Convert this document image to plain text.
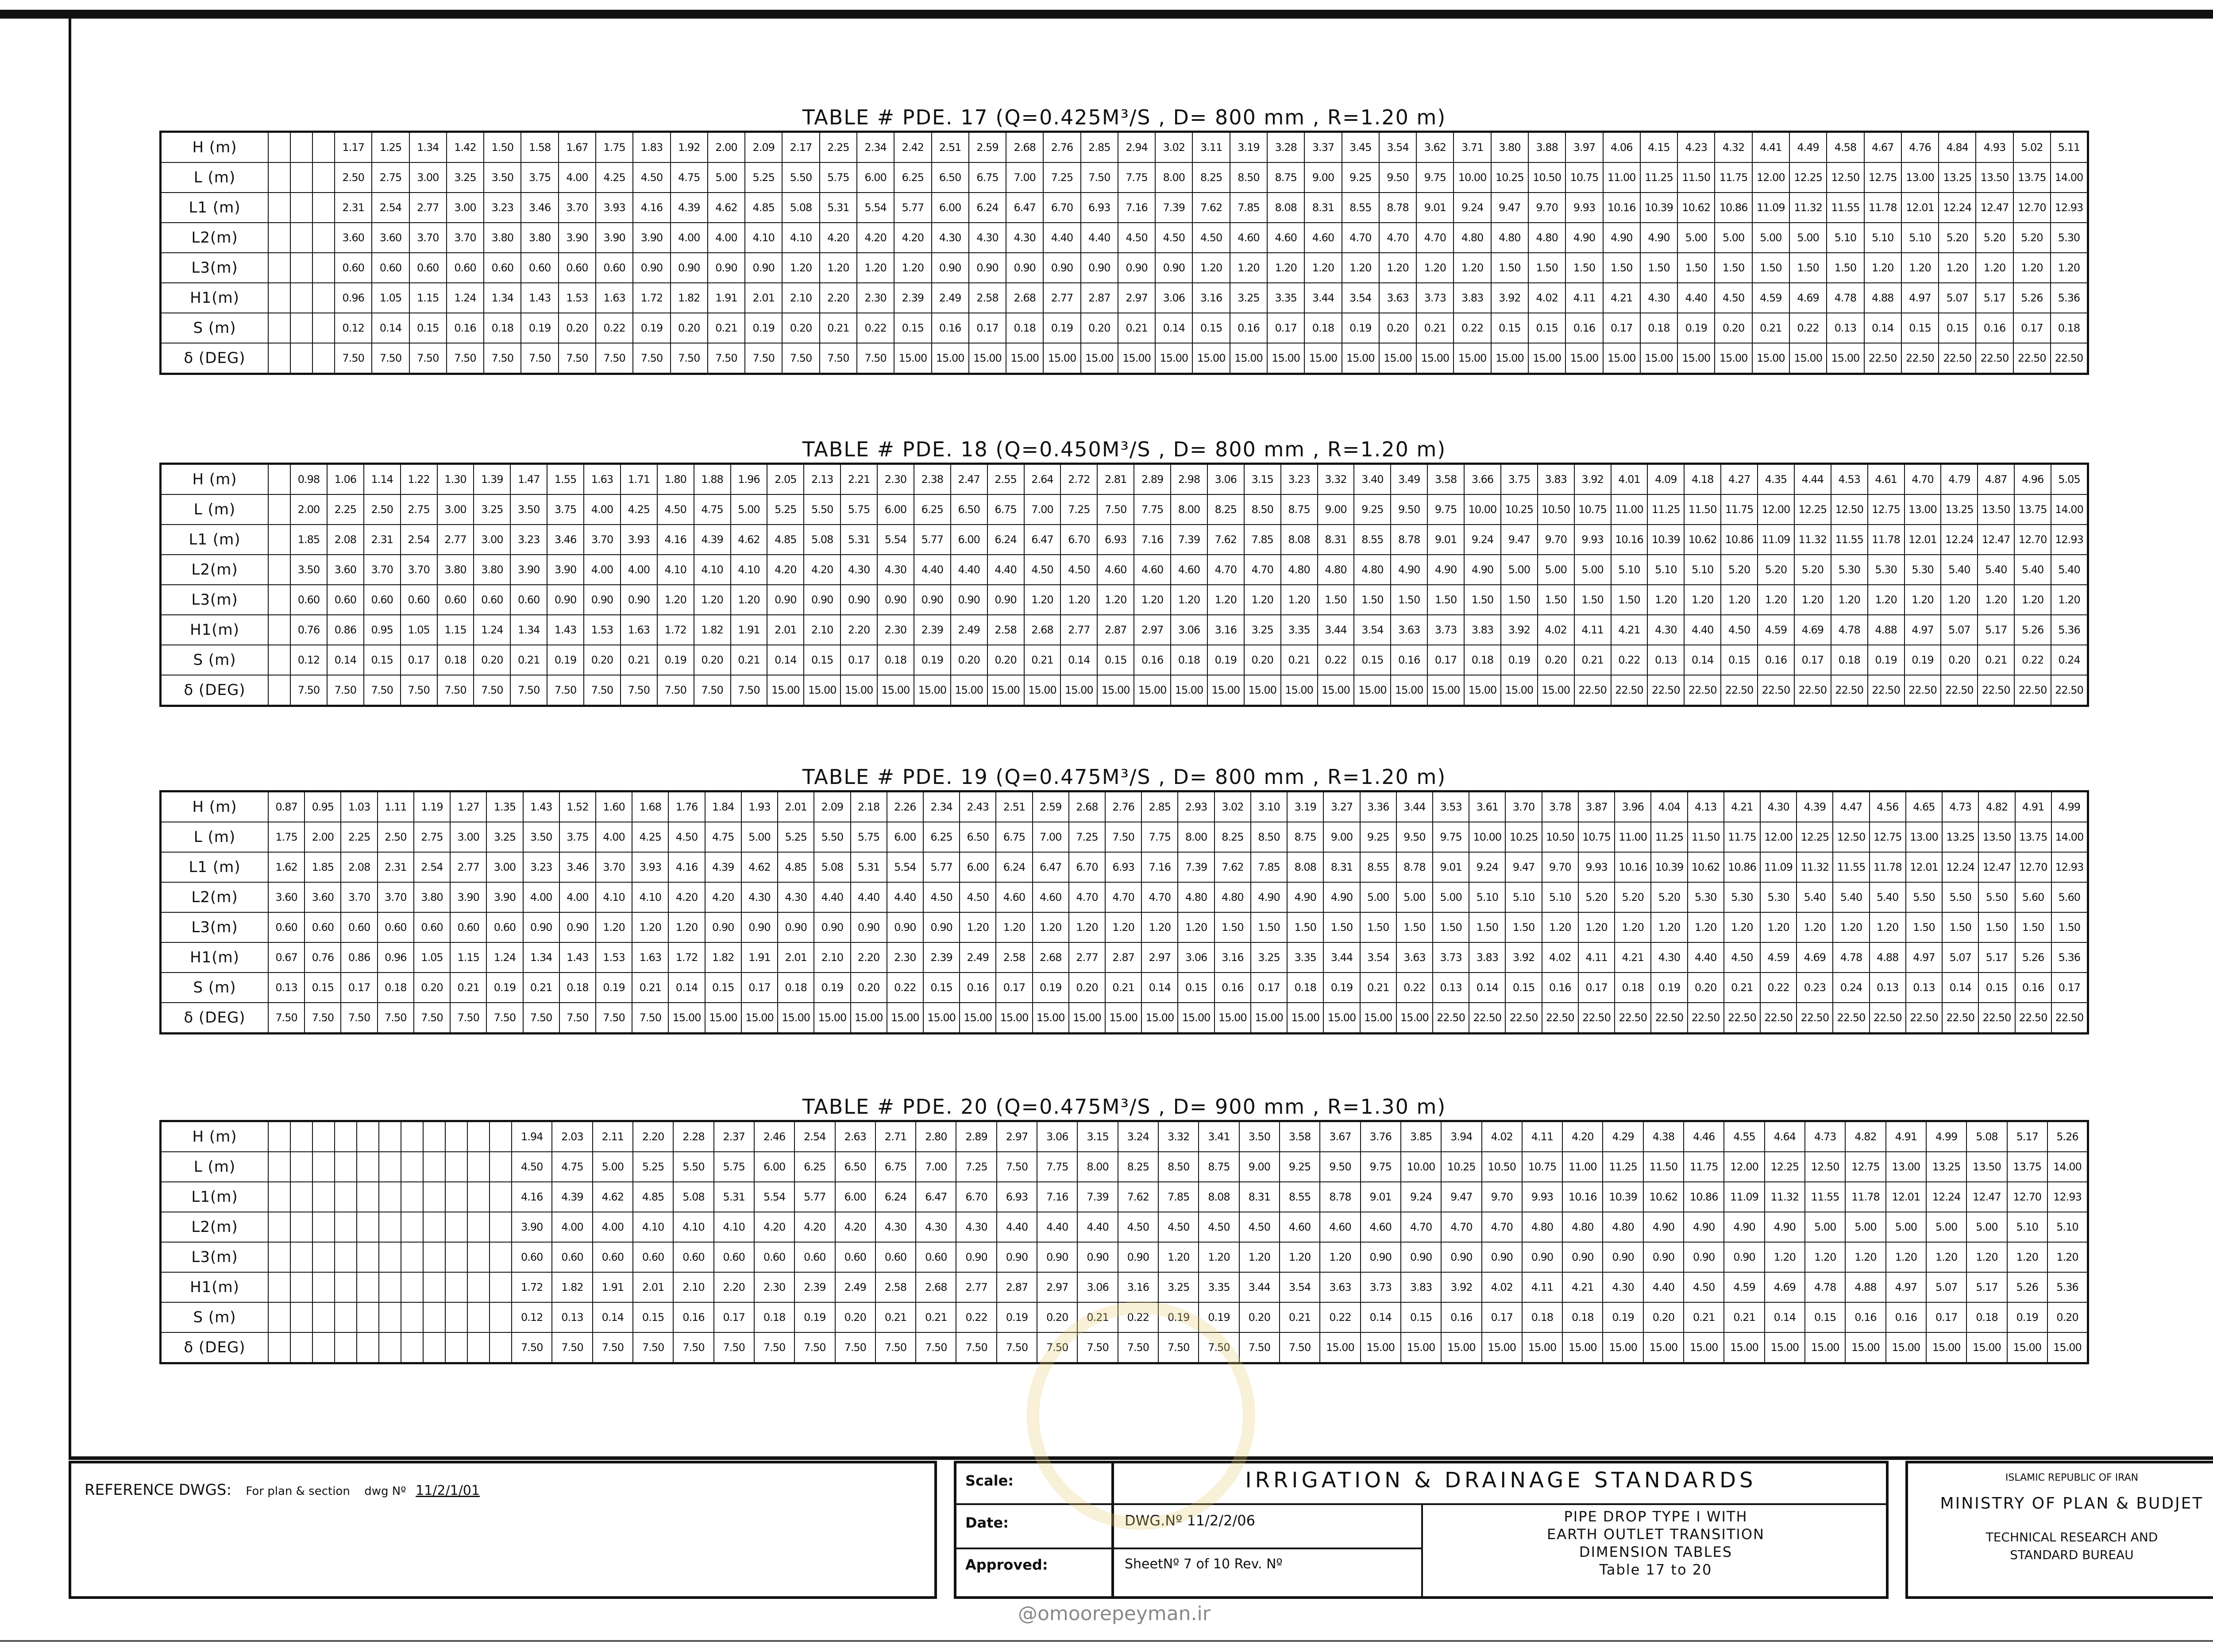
TABLE # PDE. 17 (Q=0.425M³/S , D= 800 mm , R=1.20 m)
H (m)				1.17	1.25	1.34	1.42	1.50	1.58	1.67	1.75	1.83	1.92	2.00	2.09	2.17	2.25	2.34	2.42	2.51	2.59	2.68	2.76	2.85	2.94	3.02	3.11	3.19	3.28	3.37	3.45	3.54	3.62	3.71	3.80	3.88	3.97	4.06	4.15	4.23	4.32	4.41	4.49	4.58	4.67	4.76	4.84	4.93	5.02	5.11
L (m)				2.50	2.75	3.00	3.25	3.50	3.75	4.00	4.25	4.50	4.75	5.00	5.25	5.50	5.75	6.00	6.25	6.50	6.75	7.00	7.25	7.50	7.75	8.00	8.25	8.50	8.75	9.00	9.25	9.50	9.75	10.00	10.25	10.50	10.75	11.00	11.25	11.50	11.75	12.00	12.25	12.50	12.75	13.00	13.25	13.50	13.75	14.00
L1 (m)				2.31	2.54	2.77	3.00	3.23	3.46	3.70	3.93	4.16	4.39	4.62	4.85	5.08	5.31	5.54	5.77	6.00	6.24	6.47	6.70	6.93	7.16	7.39	7.62	7.85	8.08	8.31	8.55	8.78	9.01	9.24	9.47	9.70	9.93	10.16	10.39	10.62	10.86	11.09	11.32	11.55	11.78	12.01	12.24	12.47	12.70	12.93
L2(m)				3.60	3.60	3.70	3.70	3.80	3.80	3.90	3.90	3.90	4.00	4.00	4.10	4.10	4.20	4.20	4.20	4.30	4.30	4.30	4.40	4.40	4.50	4.50	4.50	4.60	4.60	4.60	4.70	4.70	4.70	4.80	4.80	4.80	4.90	4.90	4.90	5.00	5.00	5.00	5.00	5.10	5.10	5.10	5.20	5.20	5.20	5.30
L3(m)				0.60	0.60	0.60	0.60	0.60	0.60	0.60	0.60	0.90	0.90	0.90	0.90	1.20	1.20	1.20	1.20	0.90	0.90	0.90	0.90	0.90	0.90	0.90	1.20	1.20	1.20	1.20	1.20	1.20	1.20	1.20	1.50	1.50	1.50	1.50	1.50	1.50	1.50	1.50	1.50	1.50	1.20	1.20	1.20	1.20	1.20	1.20
H1(m)				0.96	1.05	1.15	1.24	1.34	1.43	1.53	1.63	1.72	1.82	1.91	2.01	2.10	2.20	2.30	2.39	2.49	2.58	2.68	2.77	2.87	2.97	3.06	3.16	3.25	3.35	3.44	3.54	3.63	3.73	3.83	3.92	4.02	4.11	4.21	4.30	4.40	4.50	4.59	4.69	4.78	4.88	4.97	5.07	5.17	5.26	5.36
S (m)				0.12	0.14	0.15	0.16	0.18	0.19	0.20	0.22	0.19	0.20	0.21	0.19	0.20	0.21	0.22	0.15	0.16	0.17	0.18	0.19	0.20	0.21	0.14	0.15	0.16	0.17	0.18	0.19	0.20	0.21	0.22	0.15	0.15	0.16	0.17	0.18	0.19	0.20	0.21	0.22	0.13	0.14	0.15	0.15	0.16	0.17	0.18
δ (DEG)				7.50	7.50	7.50	7.50	7.50	7.50	7.50	7.50	7.50	7.50	7.50	7.50	7.50	7.50	7.50	15.00	15.00	15.00	15.00	15.00	15.00	15.00	15.00	15.00	15.00	15.00	15.00	15.00	15.00	15.00	15.00	15.00	15.00	15.00	15.00	15.00	15.00	15.00	15.00	15.00	15.00	22.50	22.50	22.50	22.50	22.50	22.50
TABLE # PDE. 18 (Q=0.450M³/S , D= 800 mm , R=1.20 m)
H (m)		0.98	1.06	1.14	1.22	1.30	1.39	1.47	1.55	1.63	1.71	1.80	1.88	1.96	2.05	2.13	2.21	2.30	2.38	2.47	2.55	2.64	2.72	2.81	2.89	2.98	3.06	3.15	3.23	3.32	3.40	3.49	3.58	3.66	3.75	3.83	3.92	4.01	4.09	4.18	4.27	4.35	4.44	4.53	4.61	4.70	4.79	4.87	4.96	5.05
L (m)		2.00	2.25	2.50	2.75	3.00	3.25	3.50	3.75	4.00	4.25	4.50	4.75	5.00	5.25	5.50	5.75	6.00	6.25	6.50	6.75	7.00	7.25	7.50	7.75	8.00	8.25	8.50	8.75	9.00	9.25	9.50	9.75	10.00	10.25	10.50	10.75	11.00	11.25	11.50	11.75	12.00	12.25	12.50	12.75	13.00	13.25	13.50	13.75	14.00
L1 (m)		1.85	2.08	2.31	2.54	2.77	3.00	3.23	3.46	3.70	3.93	4.16	4.39	4.62	4.85	5.08	5.31	5.54	5.77	6.00	6.24	6.47	6.70	6.93	7.16	7.39	7.62	7.85	8.08	8.31	8.55	8.78	9.01	9.24	9.47	9.70	9.93	10.16	10.39	10.62	10.86	11.09	11.32	11.55	11.78	12.01	12.24	12.47	12.70	12.93
L2(m)		3.50	3.60	3.70	3.70	3.80	3.80	3.90	3.90	4.00	4.00	4.10	4.10	4.10	4.20	4.20	4.30	4.30	4.40	4.40	4.40	4.50	4.50	4.60	4.60	4.60	4.70	4.70	4.80	4.80	4.80	4.90	4.90	4.90	5.00	5.00	5.00	5.10	5.10	5.10	5.20	5.20	5.20	5.30	5.30	5.30	5.40	5.40	5.40	5.40
L3(m)		0.60	0.60	0.60	0.60	0.60	0.60	0.60	0.90	0.90	0.90	1.20	1.20	1.20	0.90	0.90	0.90	0.90	0.90	0.90	0.90	1.20	1.20	1.20	1.20	1.20	1.20	1.20	1.20	1.50	1.50	1.50	1.50	1.50	1.50	1.50	1.50	1.50	1.20	1.20	1.20	1.20	1.20	1.20	1.20	1.20	1.20	1.20	1.20	1.20
H1(m)		0.76	0.86	0.95	1.05	1.15	1.24	1.34	1.43	1.53	1.63	1.72	1.82	1.91	2.01	2.10	2.20	2.30	2.39	2.49	2.58	2.68	2.77	2.87	2.97	3.06	3.16	3.25	3.35	3.44	3.54	3.63	3.73	3.83	3.92	4.02	4.11	4.21	4.30	4.40	4.50	4.59	4.69	4.78	4.88	4.97	5.07	5.17	5.26	5.36
S (m)		0.12	0.14	0.15	0.17	0.18	0.20	0.21	0.19	0.20	0.21	0.19	0.20	0.21	0.14	0.15	0.17	0.18	0.19	0.20	0.20	0.21	0.14	0.15	0.16	0.18	0.19	0.20	0.21	0.22	0.15	0.16	0.17	0.18	0.19	0.20	0.21	0.22	0.13	0.14	0.15	0.16	0.17	0.18	0.19	0.19	0.20	0.21	0.22	0.24
δ (DEG)		7.50	7.50	7.50	7.50	7.50	7.50	7.50	7.50	7.50	7.50	7.50	7.50	7.50	15.00	15.00	15.00	15.00	15.00	15.00	15.00	15.00	15.00	15.00	15.00	15.00	15.00	15.00	15.00	15.00	15.00	15.00	15.00	15.00	15.00	15.00	22.50	22.50	22.50	22.50	22.50	22.50	22.50	22.50	22.50	22.50	22.50	22.50	22.50	22.50
TABLE # PDE. 19 (Q=0.475M³/S , D= 800 mm , R=1.20 m)
H (m)	0.87	0.95	1.03	1.11	1.19	1.27	1.35	1.43	1.52	1.60	1.68	1.76	1.84	1.93	2.01	2.09	2.18	2.26	2.34	2.43	2.51	2.59	2.68	2.76	2.85	2.93	3.02	3.10	3.19	3.27	3.36	3.44	3.53	3.61	3.70	3.78	3.87	3.96	4.04	4.13	4.21	4.30	4.39	4.47	4.56	4.65	4.73	4.82	4.91	4.99
L (m)	1.75	2.00	2.25	2.50	2.75	3.00	3.25	3.50	3.75	4.00	4.25	4.50	4.75	5.00	5.25	5.50	5.75	6.00	6.25	6.50	6.75	7.00	7.25	7.50	7.75	8.00	8.25	8.50	8.75	9.00	9.25	9.50	9.75	10.00	10.25	10.50	10.75	11.00	11.25	11.50	11.75	12.00	12.25	12.50	12.75	13.00	13.25	13.50	13.75	14.00
L1 (m)	1.62	1.85	2.08	2.31	2.54	2.77	3.00	3.23	3.46	3.70	3.93	4.16	4.39	4.62	4.85	5.08	5.31	5.54	5.77	6.00	6.24	6.47	6.70	6.93	7.16	7.39	7.62	7.85	8.08	8.31	8.55	8.78	9.01	9.24	9.47	9.70	9.93	10.16	10.39	10.62	10.86	11.09	11.32	11.55	11.78	12.01	12.24	12.47	12.70	12.93
L2(m)	3.60	3.60	3.70	3.70	3.80	3.90	3.90	4.00	4.00	4.10	4.10	4.20	4.20	4.30	4.30	4.40	4.40	4.40	4.50	4.50	4.60	4.60	4.70	4.70	4.70	4.80	4.80	4.90	4.90	4.90	5.00	5.00	5.00	5.10	5.10	5.10	5.20	5.20	5.20	5.30	5.30	5.30	5.40	5.40	5.40	5.50	5.50	5.50	5.60	5.60
L3(m)	0.60	0.60	0.60	0.60	0.60	0.60	0.60	0.90	0.90	1.20	1.20	1.20	0.90	0.90	0.90	0.90	0.90	0.90	0.90	1.20	1.20	1.20	1.20	1.20	1.20	1.20	1.50	1.50	1.50	1.50	1.50	1.50	1.50	1.50	1.50	1.20	1.20	1.20	1.20	1.20	1.20	1.20	1.20	1.20	1.20	1.50	1.50	1.50	1.50	1.50
H1(m)	0.67	0.76	0.86	0.96	1.05	1.15	1.24	1.34	1.43	1.53	1.63	1.72	1.82	1.91	2.01	2.10	2.20	2.30	2.39	2.49	2.58	2.68	2.77	2.87	2.97	3.06	3.16	3.25	3.35	3.44	3.54	3.63	3.73	3.83	3.92	4.02	4.11	4.21	4.30	4.40	4.50	4.59	4.69	4.78	4.88	4.97	5.07	5.17	5.26	5.36
S (m)	0.13	0.15	0.17	0.18	0.20	0.21	0.19	0.21	0.18	0.19	0.21	0.14	0.15	0.17	0.18	0.19	0.20	0.22	0.15	0.16	0.17	0.19	0.20	0.21	0.14	0.15	0.16	0.17	0.18	0.19	0.21	0.22	0.13	0.14	0.15	0.16	0.17	0.18	0.19	0.20	0.21	0.22	0.23	0.24	0.13	0.13	0.14	0.15	0.16	0.17
δ (DEG)	7.50	7.50	7.50	7.50	7.50	7.50	7.50	7.50	7.50	7.50	7.50	15.00	15.00	15.00	15.00	15.00	15.00	15.00	15.00	15.00	15.00	15.00	15.00	15.00	15.00	15.00	15.00	15.00	15.00	15.00	15.00	15.00	22.50	22.50	22.50	22.50	22.50	22.50	22.50	22.50	22.50	22.50	22.50	22.50	22.50	22.50	22.50	22.50	22.50	22.50
TABLE # PDE. 20 (Q=0.475M³/S , D= 900 mm , R=1.30 m)
H (m)												1.94	2.03	2.11	2.20	2.28	2.37	2.46	2.54	2.63	2.71	2.80	2.89	2.97	3.06	3.15	3.24	3.32	3.41	3.50	3.58	3.67	3.76	3.85	3.94	4.02	4.11	4.20	4.29	4.38	4.46	4.55	4.64	4.73	4.82	4.91	4.99	5.08	5.17	5.26
L (m)												4.50	4.75	5.00	5.25	5.50	5.75	6.00	6.25	6.50	6.75	7.00	7.25	7.50	7.75	8.00	8.25	8.50	8.75	9.00	9.25	9.50	9.75	10.00	10.25	10.50	10.75	11.00	11.25	11.50	11.75	12.00	12.25	12.50	12.75	13.00	13.25	13.50	13.75	14.00
L1(m)												4.16	4.39	4.62	4.85	5.08	5.31	5.54	5.77	6.00	6.24	6.47	6.70	6.93	7.16	7.39	7.62	7.85	8.08	8.31	8.55	8.78	9.01	9.24	9.47	9.70	9.93	10.16	10.39	10.62	10.86	11.09	11.32	11.55	11.78	12.01	12.24	12.47	12.70	12.93
L2(m)												3.90	4.00	4.00	4.10	4.10	4.10	4.20	4.20	4.20	4.30	4.30	4.30	4.40	4.40	4.40	4.50	4.50	4.50	4.50	4.60	4.60	4.60	4.70	4.70	4.70	4.80	4.80	4.80	4.90	4.90	4.90	4.90	5.00	5.00	5.00	5.00	5.00	5.10	5.10
L3(m)												0.60	0.60	0.60	0.60	0.60	0.60	0.60	0.60	0.60	0.60	0.60	0.90	0.90	0.90	0.90	0.90	1.20	1.20	1.20	1.20	1.20	0.90	0.90	0.90	0.90	0.90	0.90	0.90	0.90	0.90	0.90	1.20	1.20	1.20	1.20	1.20	1.20	1.20	1.20
H1(m)												1.72	1.82	1.91	2.01	2.10	2.20	2.30	2.39	2.49	2.58	2.68	2.77	2.87	2.97	3.06	3.16	3.25	3.35	3.44	3.54	3.63	3.73	3.83	3.92	4.02	4.11	4.21	4.30	4.40	4.50	4.59	4.69	4.78	4.88	4.97	5.07	5.17	5.26	5.36
S (m)												0.12	0.13	0.14	0.15	0.16	0.17	0.18	0.19	0.20	0.21	0.21	0.22	0.19	0.20	0.21	0.22	0.19	0.19	0.20	0.21	0.22	0.14	0.15	0.16	0.17	0.18	0.18	0.19	0.20	0.21	0.21	0.14	0.15	0.16	0.16	0.17	0.18	0.19	0.20
δ (DEG)												7.50	7.50	7.50	7.50	7.50	7.50	7.50	7.50	7.50	7.50	7.50	7.50	7.50	7.50	7.50	7.50	7.50	7.50	7.50	7.50	15.00	15.00	15.00	15.00	15.00	15.00	15.00	15.00	15.00	15.00	15.00	15.00	15.00	15.00	15.00	15.00	15.00	15.00	15.00
REFERENCE DWGS: For plan & section dwg Nº 11/2/1/01
Scale:
Date:
Approved:
IRRIGATION & DRAINAGE STANDARDS
DWG.Nº 11/2/2/06
SheetNº 7 of 10 Rev. Nº
PIPE DROP TYPE I WITH
EARTH OUTLET TRANSITION
DIMENSION TABLES
Table 17 to 20
ISLAMIC REPUBLIC OF IRAN
MINISTRY OF PLAN & BUDJET
TECHNICAL RESEARCH AND
STANDARD BUREAU
@omoorepeyman.ir
